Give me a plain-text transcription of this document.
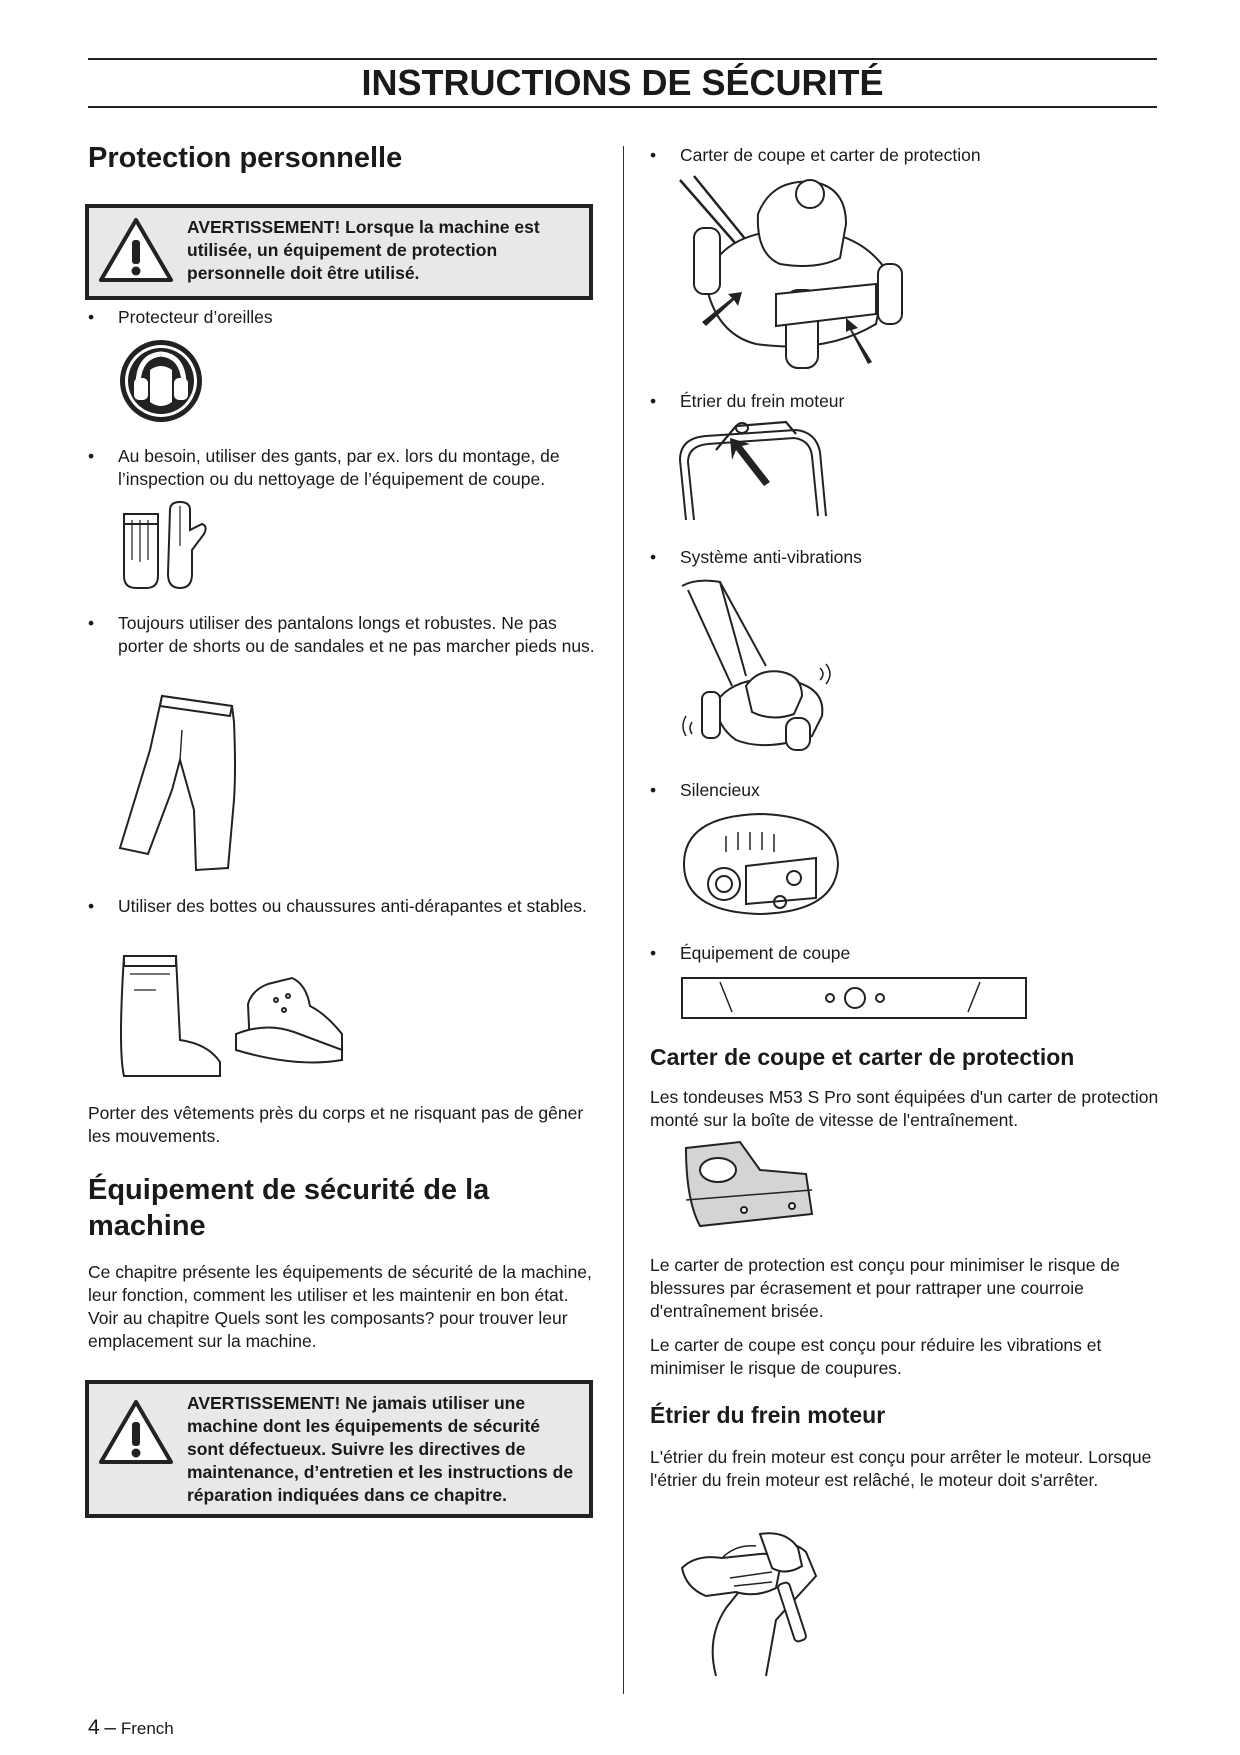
INSTRUCTIONS DE SÉCURITÉ
Protection personnelle
AVERTISSEMENT! Lorsque la machine est utilisée, un équipement de protection personnelle doit être utilisé.
• Protecteur d’oreilles
• Au besoin, utiliser des gants, par ex. lors du montage, de l’inspection ou du nettoyage de l’équipement de coupe.
• Toujours utiliser des pantalons longs et robustes. Ne pas porter de shorts ou de sandales et ne pas marcher pieds nus.
• Utiliser des bottes ou chaussures anti-dérapantes et stables.
Porter des vêtements près du corps et ne risquant pas de gêner les mouvements.
Équipement de sécurité de la machine
Ce chapitre présente les équipements de sécurité de la machine, leur fonction, comment les utiliser et les maintenir en bon état. Voir au chapitre Quels sont les composants? pour trouver leur emplacement sur la machine.
AVERTISSEMENT! Ne jamais utiliser une machine dont les équipements de sécurité sont défectueux. Suivre les directives de maintenance, d’entretien et les instructions de réparation indiquées dans ce chapitre.
• Carter de coupe et carter de protection
• Étrier du frein moteur
• Système anti-vibrations
• Silencieux
• Équipement de coupe
Carter de coupe et carter de protection
Les tondeuses M53 S Pro sont équipées d'un carter de protection monté sur la boîte de vitesse de l'entraînement.
Le carter de protection est conçu pour minimiser le risque de blessures par écrasement et pour rattraper une courroie d'entraînement brisée.
Le carter de coupe est conçu pour réduire les vibrations et minimiser le risque de coupures.
Étrier du frein moteur
L'étrier du frein moteur est conçu pour arrêter le moteur. Lorsque l'étrier du frein moteur est relâché, le moteur doit s'arrêter.
4 – French
